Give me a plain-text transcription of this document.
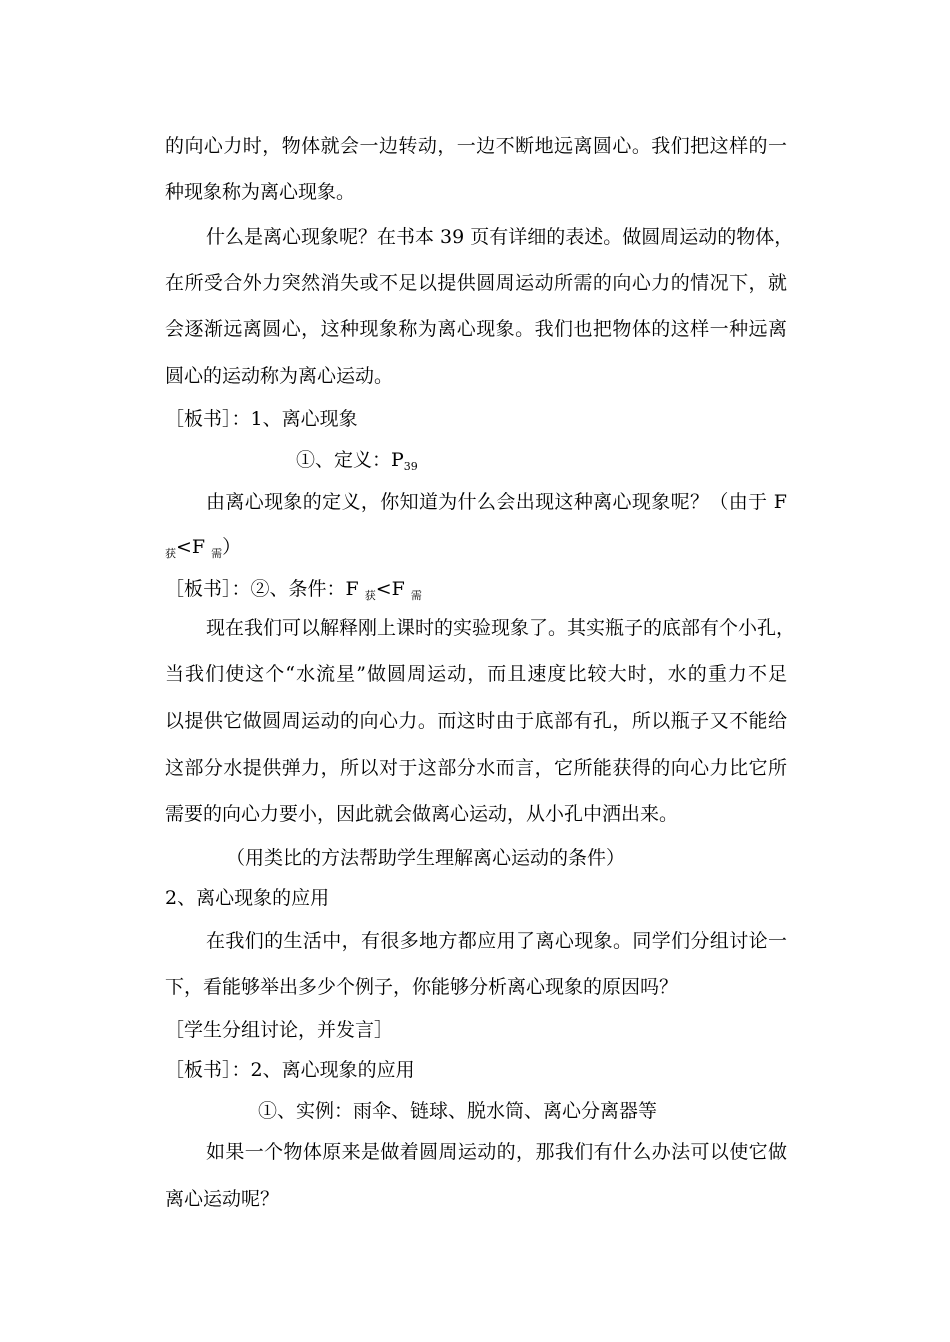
的向心力时，物体就会一边转动，一边不断地远离圆心。我们把这样的一
种现象称为离心现象。
什么是离心现象呢？在书本 39 页有详细的表述。做圆周运动的物体，
在所受合外力突然消失或不足以提供圆周运动所需的向心力的情况下，就
会逐渐远离圆心，这种现象称为离心现象。我们也把物体的这样一种远离
圆心的运动称为离心运动。
［板书］：1、离心现象
①、定义：$P_{39}$
由离心现象的定义，你知道为什么会出现这种离心现象呢？（由于 F
$_获$<F $_需$）
［板书］：②、条件：F $_获$<F $_需$
现在我们可以解释刚上课时的实验现象了。其实瓶子的底部有个小孔，
当我们使这个“水流星”做圆周运动，而且速度比较大时，水的重力不足
以提供它做圆周运动的向心力。而这时由于底部有孔，所以瓶子又不能给
这部分水提供弹力，所以对于这部分水而言，它所能获得的向心力比它所
需要的向心力要小，因此就会做离心运动，从小孔中洒出来。
（用类比的方法帮助学生理解离心运动的条件）
2、离心现象的应用
在我们的生活中，有很多地方都应用了离心现象。同学们分组讨论一
下，看能够举出多少个例子，你能够分析离心现象的原因吗？
［学生分组讨论，并发言］
［板书］：2、离心现象的应用
①、实例：雨伞、链球、脱水筒、离心分离器等
如果一个物体原来是做着圆周运动的，那我们有什么办法可以使它做
离心运动呢？
